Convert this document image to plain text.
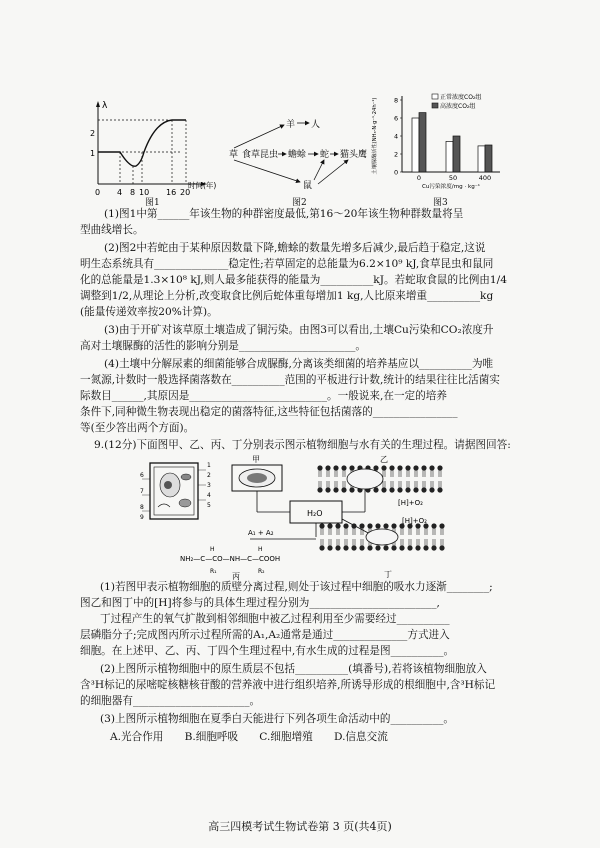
λ
2
1
0 4 8 10 16 20
时间(年)
图1
草 食草昆虫 蟾蜍 蛇 猫头鹰
羊 人
鼠
图2
8
6
4
2
0
土壤脲酶活性(NH₃-N·g⁻¹·24h⁻¹)
0	50	400
Cu污染浓度/mg · kg⁻¹
正常浓度CO₂组
高浓度CO₂组
图3
(1)图1中第______年该生物的种群密度最低,第16～20年该生物种群数量将呈
型曲线增长。
(2)图2中若蛇由于某种原因数量下降,蟾蜍的数量先增多后减少,最后趋于稳定,这说
明生态系统具有______________稳定性;若草固定的总能量为6.2×10⁹ kJ,食草昆虫和鼠同
化的总能量是1.3×10⁸ kJ,则人最多能获得的能量为__________kJ。若蛇取食鼠的比例由1/4
调整到1/2,从理论上分析,改变取食比例后蛇体重每增加1 kg,人比原来增重__________kg
(能量传递效率按20%计算)。
(3)由于开矿对该草原土壤造成了铜污染。由图3可以看出,土壤Cu污染和CO₂浓度升
高对土壤脲酶的活性的影响分别是______________________。
(4)土壤中分解尿素的细菌能够合成脲酶,分离该类细菌的培养基应以__________为唯
一氮源,计数时一般选择菌落数在__________范围的平板进行计数,统计的结果往往比活菌实
际数目______,其原因是__________________________。一般说来,在一定的培养
条件下,同种微生物表现出稳定的菌落特征,这些特征包括菌落的________________
等(至少答出两个方面)。
9.(12分)下面图甲、乙、丙、丁分别表示图示植物细胞与水有关的生理过程。请据图回答:
1
2
3
4
5
6
7
8
9
甲	乙
[H]+O₂
H₂O
A₁ + A₂
NH₂—C—CO—NH—C—COOH
H	H
R₁	R₂
丙
[H]+O₂
丁
(1)若图甲表示植物细胞的质壁分离过程,则处于该过程中细胞的吸水力逐渐________;
图乙和图丁中的[H]将参与的具体生理过程分别为________________________,
丁过程产生的氧气扩散到相邻细胞中被乙过程利用至少需要经过__________
层磷脂分子;完成图丙所示过程所需的A₁,A₂通常是通过______________方式进入
细胞。在上述甲、乙、丙、丁四个生理过程中,有水生成的过程是图__________。
(2)上图所示植物细胞中的原生质层不包括__________(填番号),若将该植物细胞放入
含³H标记的尿嘧啶核糖核苷酸的营养液中进行组织培养,所诱导形成的根细胞中,含³H标记
的细胞器有______________________。
(3)上图所示植物细胞在夏季白天能进行下列各项生命活动中的__________。
A.光合作用　　B.细胞呼吸　　C.细胞增殖　　D.信息交流
高三四模考试生物试卷第 3 页(共4页)
